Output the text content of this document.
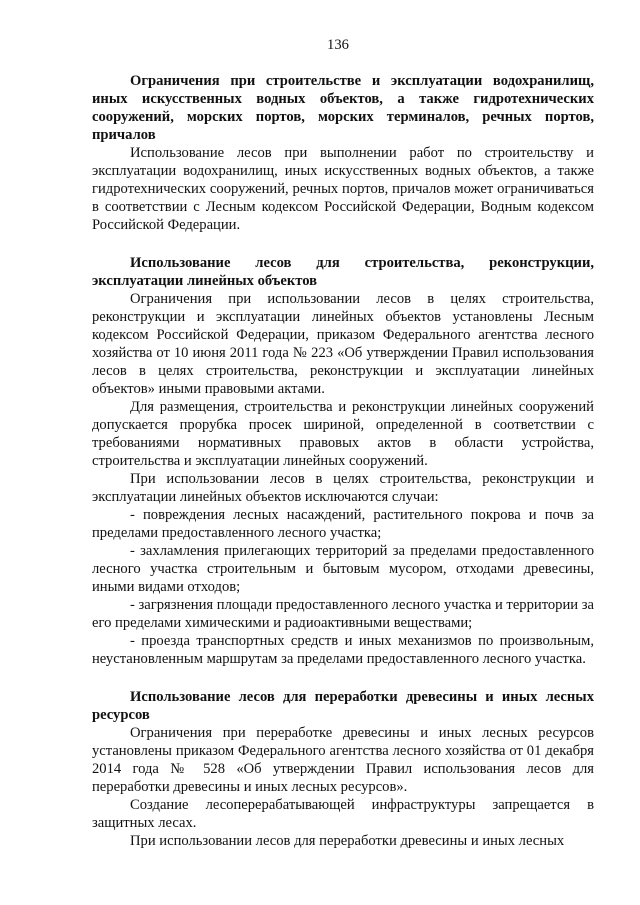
136
Ограничения при строительстве и эксплуатации водохранилищ, иных искусственных водных объектов, а также гидротехнических сооружений, морских портов, морских терминалов, речных портов, причалов

Использование лесов при выполнении работ по строительству и эксплуатации водохранилищ, иных искусственных водных объектов, а также гидротехнических сооружений, речных портов, причалов может ограничиваться в соответствии с Лесным кодексом Российской Федерации, Водным кодексом Российской Федерации.

Использование лесов для строительства, реконструкции, эксплуатации линейных объектов

Ограничения при использовании лесов в целях строительства, реконструкции и эксплуатации линейных объектов установлены Лесным кодексом Российской Федерации, приказом Федерального агентства лесного хозяйства от 10 июня 2011 года № 223 «Об утверждении Правил использования лесов в целях строительства, реконструкции и эксплуатации линейных объектов» иными правовыми актами.

Для размещения, строительства и реконструкции линейных сооружений допускается прорубка просек шириной, определенной в соответствии с требованиями нормативных правовых актов в области устройства, строительства и эксплуатации линейных сооружений.

При использовании лесов в целях строительства, реконструкции и эксплуатации линейных объектов исключаются случаи:

- повреждения лесных насаждений, растительного покрова и почв за пределами предоставленного лесного участка;

- захламления прилегающих территорий за пределами предоставленного лесного участка строительным и бытовым мусором, отходами древесины, иными видами отходов;

- загрязнения площади предоставленного лесного участка и территории за его пределами химическими и радиоактивными веществами;

- проезда транспортных средств и иных механизмов по произвольным, неустановленным маршрутам за пределами предоставленного лесного участка.

Использование лесов для переработки древесины и иных лесных ресурсов

Ограничения при переработке древесины и иных лесных ресурсов установлены приказом Федерального агентства лесного хозяйства от 01 декабря 2014 года № 528 «Об утверждении Правил использования лесов для переработки древесины и иных лесных ресурсов».

Создание лесоперерабатывающей инфраструктуры запрещается в защитных лесах.

При использовании лесов для переработки древесины и иных лесных
